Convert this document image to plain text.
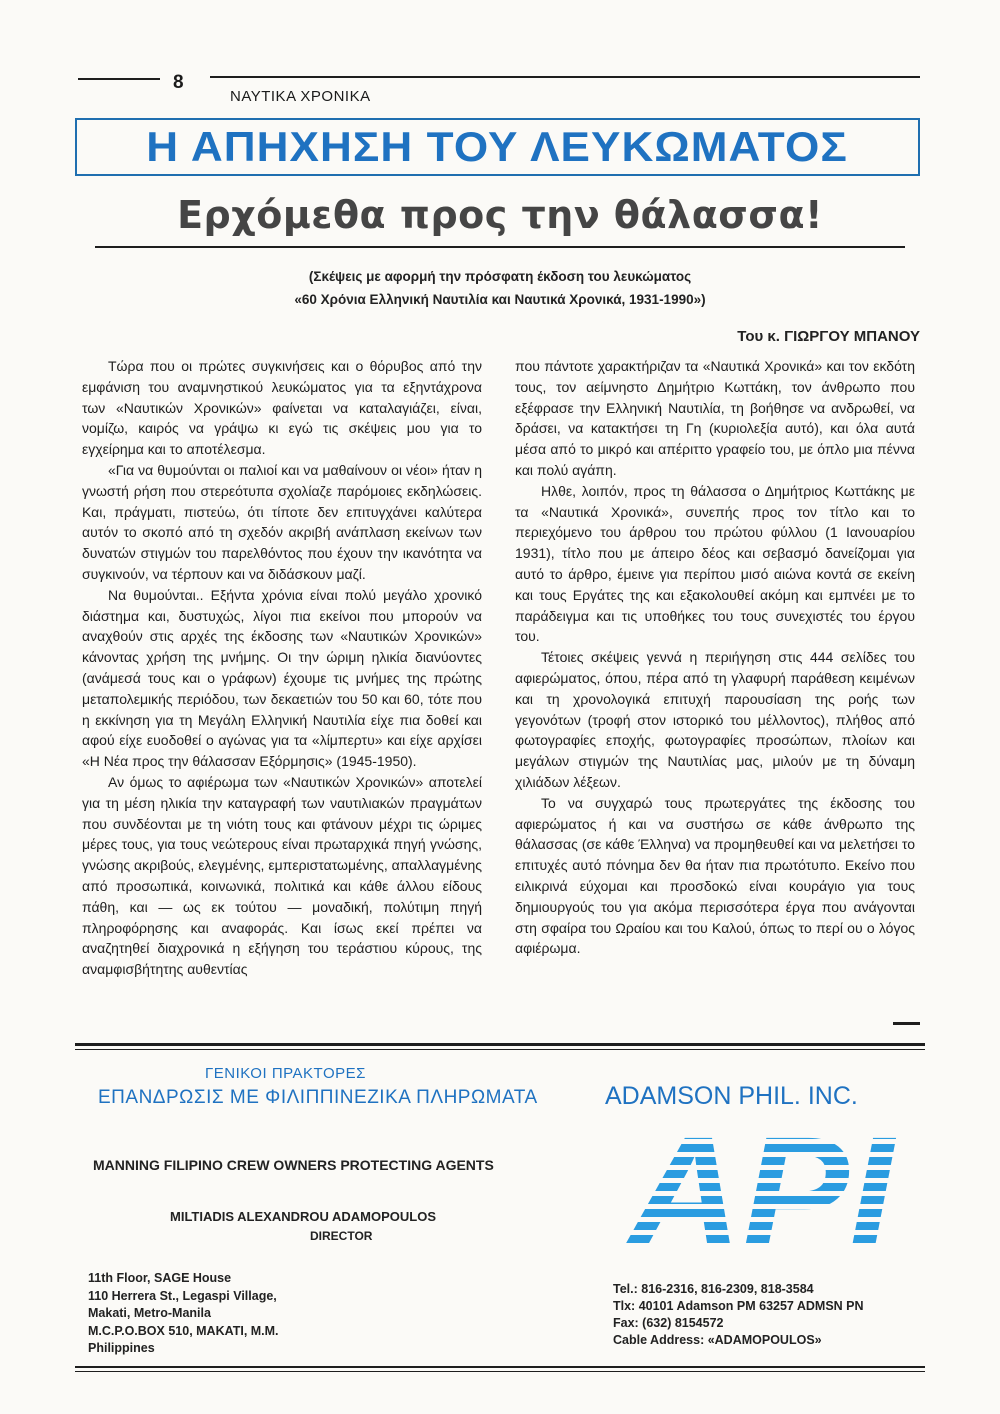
8
ΝΑΥΤΙΚΑ ΧΡΟΝΙΚΑ
Η ΑΠΗΧΗΣΗ ΤΟΥ ΛΕΥΚΩΜΑΤΟΣ
Ερχόμεθα προς την θάλασσα!
(Σκέψεις με αφορμή την πρόσφατη έκδοση του λευκώματος
«60 Χρόνια Ελληνική Ναυτιλία και Ναυτικά Χρονικά, 1931-1990»)
Του κ. ΓΙΩΡΓΟΥ ΜΠΑΝΟΥ

Τώρα που οι πρώτες συγκινήσεις και ο θόρυβος από την εμφάνιση του αναμνηστικού λευκώματος για τα εξηντάχρονα των «Ναυτικών Χρονικών» φαίνεται να καταλαγιάζει, είναι, νομίζω, καιρός να γράψω κι εγώ τις σκέψεις μου για το εγχείρημα και το αποτέλεσμα.

«Για να θυμούνται οι παλιοί και να μαθαίνουν οι νέοι» ήταν η γνωστή ρήση που στερεότυπα σχολίαζε παρόμοιες εκδηλώσεις. Και, πράγματι, πιστεύω, ότι τίποτε δεν επιτυγχάνει καλύτερα αυτόν το σκοπό από τη σχεδόν ακριβή ανάπλαση εκείνων των δυνατών στιγμών του παρελθόντος που έχουν την ικανότητα να συγκινούν, να τέρπουν και να διδάσκουν μαζί.

Να θυμούνται.. Εξήντα χρόνια είναι πολύ μεγάλο χρονικό διάστημα και, δυστυχώς, λίγοι πια εκείνοι που μπορούν να αναχθούν στις αρχές της έκδοσης των «Ναυτικών Χρονικών» κάνοντας χρήση της μνήμης. Οι την ώριμη ηλικία διανύοντες (ανάμεσά τους και ο γράφων) έχουμε τις μνήμες της πρώτης μεταπολεμικής περιόδου, των δεκαετιών του 50 και 60, τότε που η εκκίνηση για τη Μεγάλη Ελληνική Ναυτιλία είχε πια δοθεί και αφού είχε ευοδοθεί ο αγώνας για τα «λίμπερτυ» και είχε αρχίσει «Η Νέα προς την θάλασσαν Εξόρμησις» (1945-1950).

Αν όμως το αφιέρωμα των «Ναυτικών Χρονικών» αποτελεί για τη μέση ηλικία την καταγραφή των ναυτιλιακών πραγμάτων που συνδέονται με τη νιότη τους και φτάνουν μέχρι τις ώριμες μέρες τους, για τους νεώτερους είναι πρωταρχικά πηγή γνώσης, γνώσης ακριβούς, ελεγμένης, εμπεριστατωμένης, απαλλαγμένης από προσωπικά, κοινωνικά, πολιτικά και κάθε άλλου είδους πάθη, και — ως εκ τούτου — μοναδική, πολύτιμη πηγή πληροφόρησης και αναφοράς. Και ίσως εκεί πρέπει να αναζητηθεί διαχρονικά η εξήγηση του τεράστιου κύρους, της αναμφισβήτητης αυθεντίας

που πάντοτε χαρακτήριζαν τα «Ναυτικά Χρονικά» και τον εκδότη τους, τον αείμνηστο Δημήτριο Κωττάκη, τον άνθρωπο που εξέφρασε την Ελληνική Ναυτιλία, τη βοήθησε να ανδρωθεί, να δράσει, να κατακτήσει τη Γη (κυριολεξία αυτό), και όλα αυτά μέσα από το μικρό και απέριττο γραφείο του, με όπλο μια πέννα και πολύ αγάπη.

Ηλθε, λοιπόν, προς τη θάλασσα ο Δημήτριος Κωττάκης με τα «Ναυτικά Χρονικά», συνεπής προς τον τίτλο και το περιεχόμενο του άρθρου του πρώτου φύλλου (1 Ιανουαρίου 1931), τίτλο που με άπειρο δέος και σεβασμό δανείζομαι για αυτό το άρθρο, έμεινε για περίπου μισό αιώνα κοντά σε εκείνη και τους Εργάτες της και εξακολουθεί ακόμη και εμπνέει με το παράδειγμα και τις υποθήκες του τους συνεχιστές του έργου του.

Τέτοιες σκέψεις γεννά η περιήγηση στις 444 σελίδες του αφιερώματος, όπου, πέρα από τη γλαφυρή παράθεση κειμένων και τη χρονολογικά επιτυχή παρουσίαση της ροής των γεγονότων (τροφή στον ιστορικό του μέλλοντος), πλήθος από φωτογραφίες εποχής, φωτογραφίες προσώπων, πλοίων και μεγάλων στιγμών της Ναυτιλίας μας, μιλούν με τη δύναμη χιλιάδων λέξεων.

Το να συγχαρώ τους πρωτεργάτες της έκδοσης του αφιερώματος ή και να συστήσω σε κάθε άνθρωπο της θάλασσας (σε κάθε Έλληνα) να προμηθευθεί και να μελετήσει το επιτυχές αυτό πόνημα δεν θα ήταν πια πρωτότυπο. Εκείνο που ειλικρινά εύχομαι και προσδοκώ είναι κουράγιο για τους δημιουργούς του για ακόμα περισσότερα έργα που ανάγονται στη σφαίρα του Ωραίου και του Καλού, όπως το περί ου ο λόγος αφιέρωμα.

ΓΕΝΙΚΟΙ ΠΡΑΚΤΟΡΕΣ
ΕΠΑΝΔΡΩΣΙΣ ΜΕ ΦΙΛΙΠΠΙΝΕΖΙΚΑ ΠΛΗΡΩΜΑΤΑ	ADAMSON PHIL. INC.
API
MANNING FILIPINO CREW OWNERS PROTECTING AGENTS
MILTIADIS ALEXANDROU ADAMOPOULOS
DIRECTOR
11th Floor, SAGE House
110 Herrera St., Legaspi Village,
Makati, Metro-Manila
M.C.P.O.BOX 510, MAKATI, M.M.
Philippines
Tel.: 816-2316, 816-2309, 818-3584
Tlx: 40101 Adamson PM 63257 ADMSN PN
Fax: (632) 8154572
Cable Address: «ADAMOPOULOS»
